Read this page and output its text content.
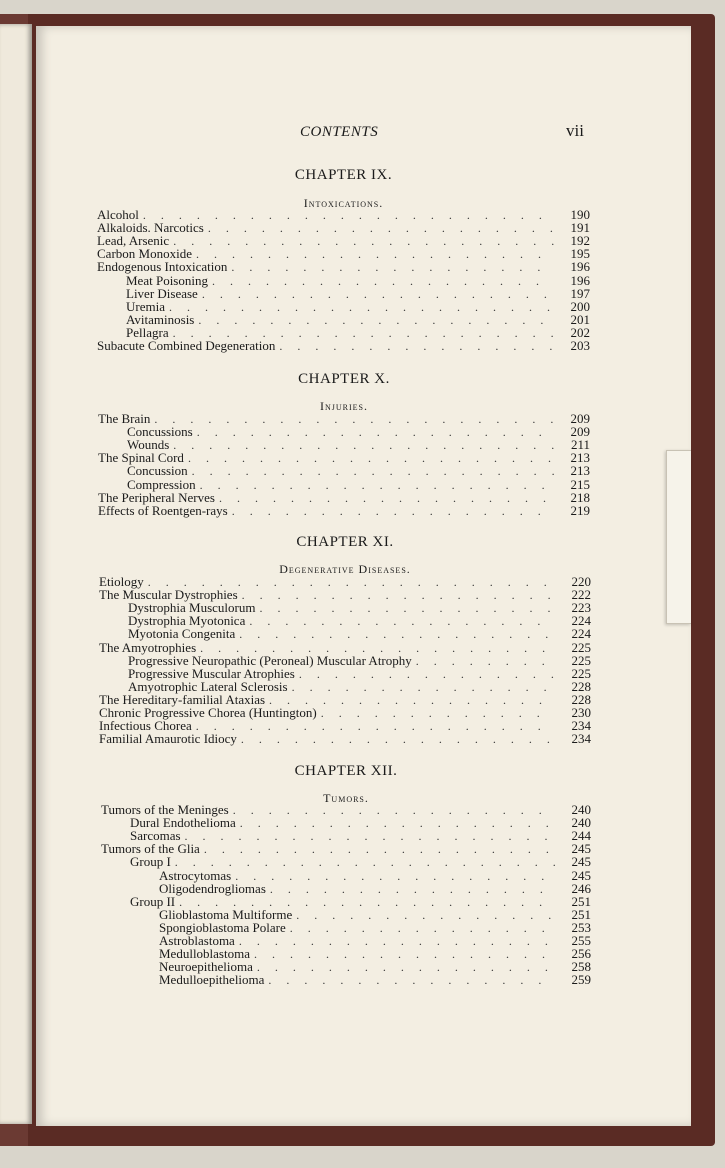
CONTENTS	vii
CHAPTER IX.
Intoxications.
Alcohol . . .	190
Alkaloids. Narcotics . . .	191
Lead, Arsenic . . .	192
Carbon Monoxide . . .	195
Endogenous Intoxication . . .	196
Meat Poisoning . . .	196
Liver Disease . . .	197
Uremia . . .	200
Avitaminosis . . .	201
Pellagra . . .	202
Subacute Combined Degeneration . . .	203
CHAPTER X.
Injuries.
The Brain . . .	209
Concussions . . .	209
Wounds . . .	211
The Spinal Cord . . .	213
Concussion . . .	213
Compression . . .	215
The Peripheral Nerves . . .	218
Effects of Roentgen-rays . . .	219
CHAPTER XI.
Degenerative Diseases.
Etiology . . .	220
The Muscular Dystrophies . . .	222
Dystrophia Musculorum . . .	223
Dystrophia Myotonica . . .	224
Myotonia Congenita . . .	224
The Amyotrophies . . .	225
Progressive Neuropathic (Peroneal) Muscular Atrophy . . .	225
Progressive Muscular Atrophies . . .	225
Amyotrophic Lateral Sclerosis . . .	228
The Hereditary-familial Ataxias . . .	228
Chronic Progressive Chorea (Huntington) . . .	230
Infectious Chorea . . .	234
Familial Amaurotic Idiocy . . .	234
CHAPTER XII.
Tumors.
Tumors of the Meninges . . .	240
Dural Endothelioma . . .	240
Sarcomas . . .	244
Tumors of the Glia . . .	245
Group I . . .	245
Astrocytomas . . .	245
Oligodendrogliomas . . .	246
Group II . . .	251
Glioblastoma Multiforme . . .	251
Spongioblastoma Polare . . .	253
Astroblastoma . . .	255
Medulloblastoma . . .	256
Neuroepithelioma . . .	258
Medulloepithelioma . . .	259
